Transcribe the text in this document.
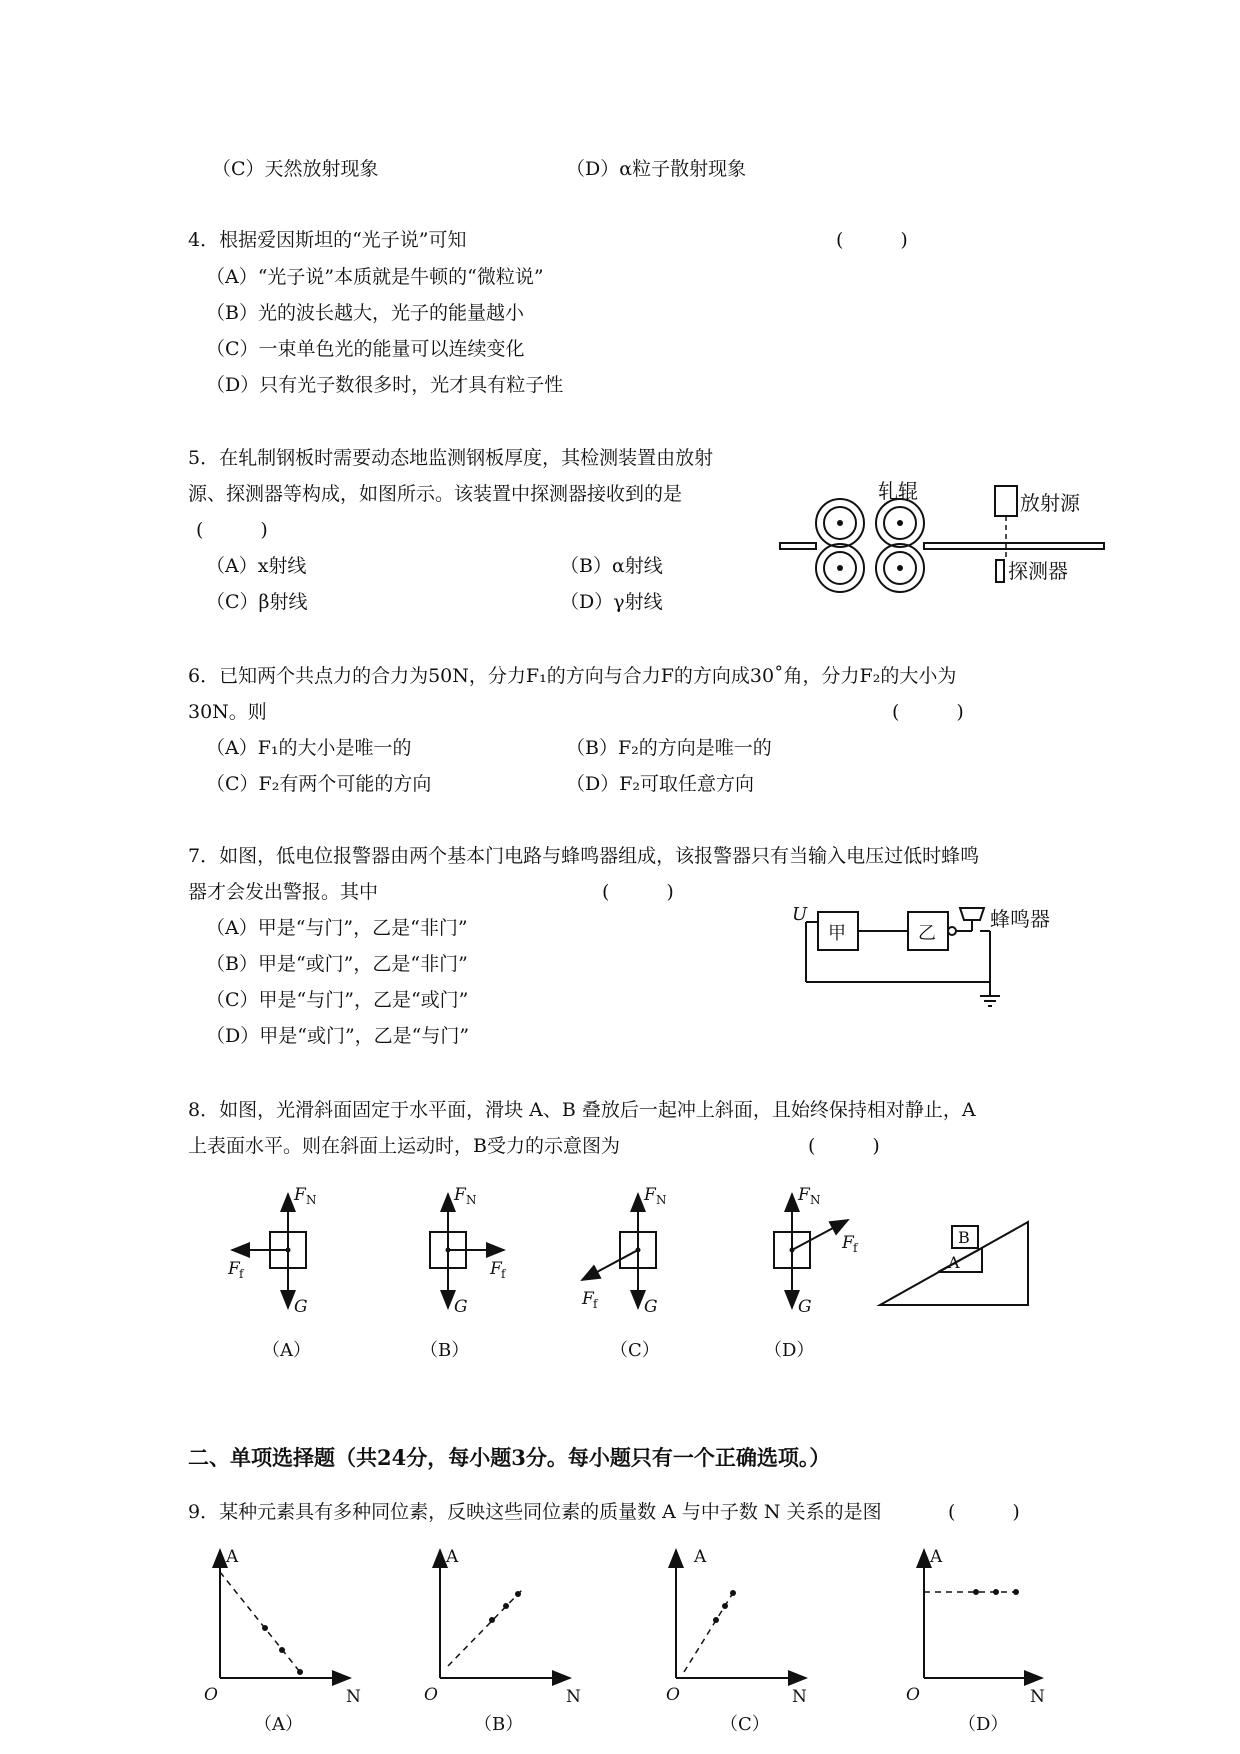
（C）天然放射现象	（D）α粒子散射现象
4．根据爱因斯坦的“光子说”可知	(　　　)
（A）“光子说”本质就是牛顿的“微粒说”
（B）光的波长越大，光子的能量越小
（C）一束单色光的能量可以连续变化
（D）只有光子数很多时，光才具有粒子性
5．在轧制钢板时需要动态地监测钢板厚度，其检测装置由放射
源、探测器等构成，如图所示。该装置中探测器接收到的是
(　　　)
（A）x射线	（B）α射线
（C）β射线	（D）γ射线
轧辊	放射源
探测器
6．已知两个共点力的合力为50N，分力F₁的方向与合力F的方向成30˚角，分力F₂的大小为
30N。则	(　　　)
（A）F₁的大小是唯一的	（B）F₂的方向是唯一的
（C）F₂有两个可能的方向	（D）F₂可取任意方向
7．如图，低电位报警器由两个基本门电路与蜂鸣器组成，该报警器只有当输入电压过低时蜂鸣
器才会发出警报。其中	(　　　)
（A）甲是“与门”，乙是“非门”
（B）甲是“或门”，乙是“非门”
（C）甲是“与门”，乙是“或门”
（D）甲是“或门”，乙是“与门”
U
甲	乙
蜂鸣器
8．如图，光滑斜面固定于水平面，滑块 A、B 叠放后一起冲上斜面，且始终保持相对静止，A
上表面水平。则在斜面上运动时，B受力的示意图为	(　　　)
F N
F f
G
（A）
F N
F f
G
（B）
F N
F f	G
（C）
F N
F f
G
（D）
A
B
二、单项选择题（共24分，每小题3分。每小题只有一个正确选项。）
9．某种元素具有多种同位素，反映这些同位素的质量数 A 与中子数 N 关系的是图	(　　　)
A
N
O
（A）
A
N
O
（B）
A
N
O
（C）
A
N
O
（D）
